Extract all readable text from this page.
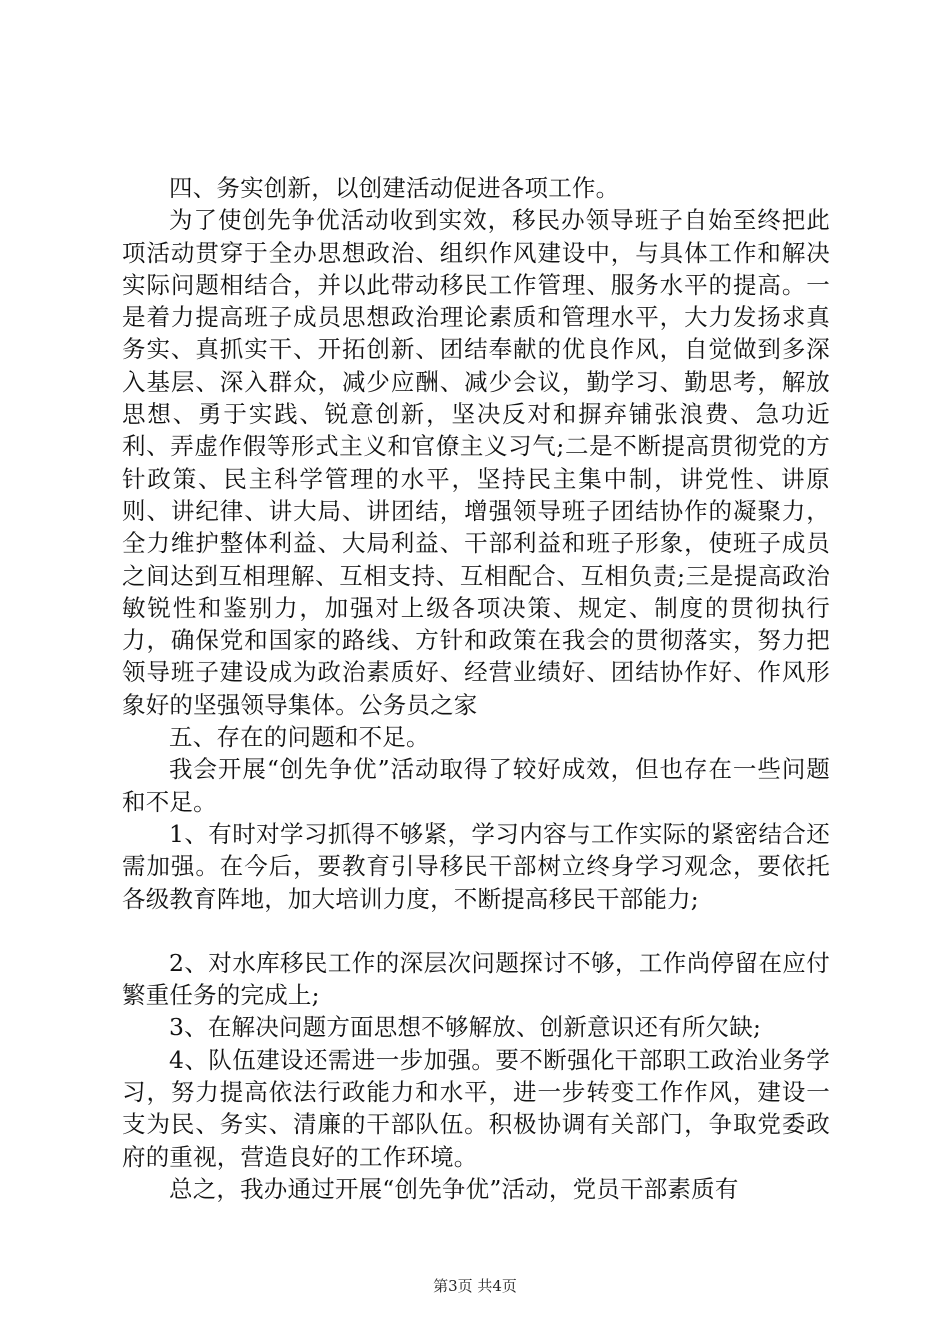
四、务实创新，以创建活动促进各项工作。

为了使创先争优活动收到实效，移民办领导班子自始至终把此项活动贯穿于全办思想政治、组织作风建设中，与具体工作和解决实际问题相结合，并以此带动移民工作管理、服务水平的提高。一是着力提高班子成员思想政治理论素质和管理水平，大力发扬求真务实、真抓实干、开拓创新、团结奉献的优良作风，自觉做到多深入基层、深入群众，减少应酬、减少会议，勤学习、勤思考，解放思想、勇于实践、锐意创新，坚决反对和摒弃铺张浪费、急功近利、弄虚作假等形式主义和官僚主义习气;二是不断提高贯彻党的方针政策、民主科学管理的水平，坚持民主集中制，讲党性、讲原则、讲纪律、讲大局、讲团结，增强领导班子团结协作的凝聚力，全力维护整体利益、大局利益、干部利益和班子形象，使班子成员之间达到互相理解、互相支持、互相配合、互相负责;三是提高政治敏锐性和鉴别力，加强对上级各项决策、规定、制度的贯彻执行力，确保党和国家的路线、方针和政策在我会的贯彻落实，努力把领导班子建设成为政治素质好、经营业绩好、团结协作好、作风形象好的坚强领导集体。公务员之家

五、存在的问题和不足。

我会开展“创先争优”活动取得了较好成效，但也存在一些问题和不足。

1、有时对学习抓得不够紧，学习内容与工作实际的紧密结合还需加强。在今后，要教育引导移民干部树立终身学习观念，要依托各级教育阵地，加大培训力度，不断提高移民干部能力;

2、对水库移民工作的深层次问题探讨不够，工作尚停留在应付繁重任务的完成上;

3、在解决问题方面思想不够解放、创新意识还有所欠缺;

4、队伍建设还需进一步加强。要不断强化干部职工政治业务学习，努力提高依法行政能力和水平，进一步转变工作作风，建设一支为民、务实、清廉的干部队伍。积极协调有关部门，争取党委政府的重视，营造良好的工作环境。

总之，我办通过开展“创先争优”活动，党员干部素质有

第3页 共4页
